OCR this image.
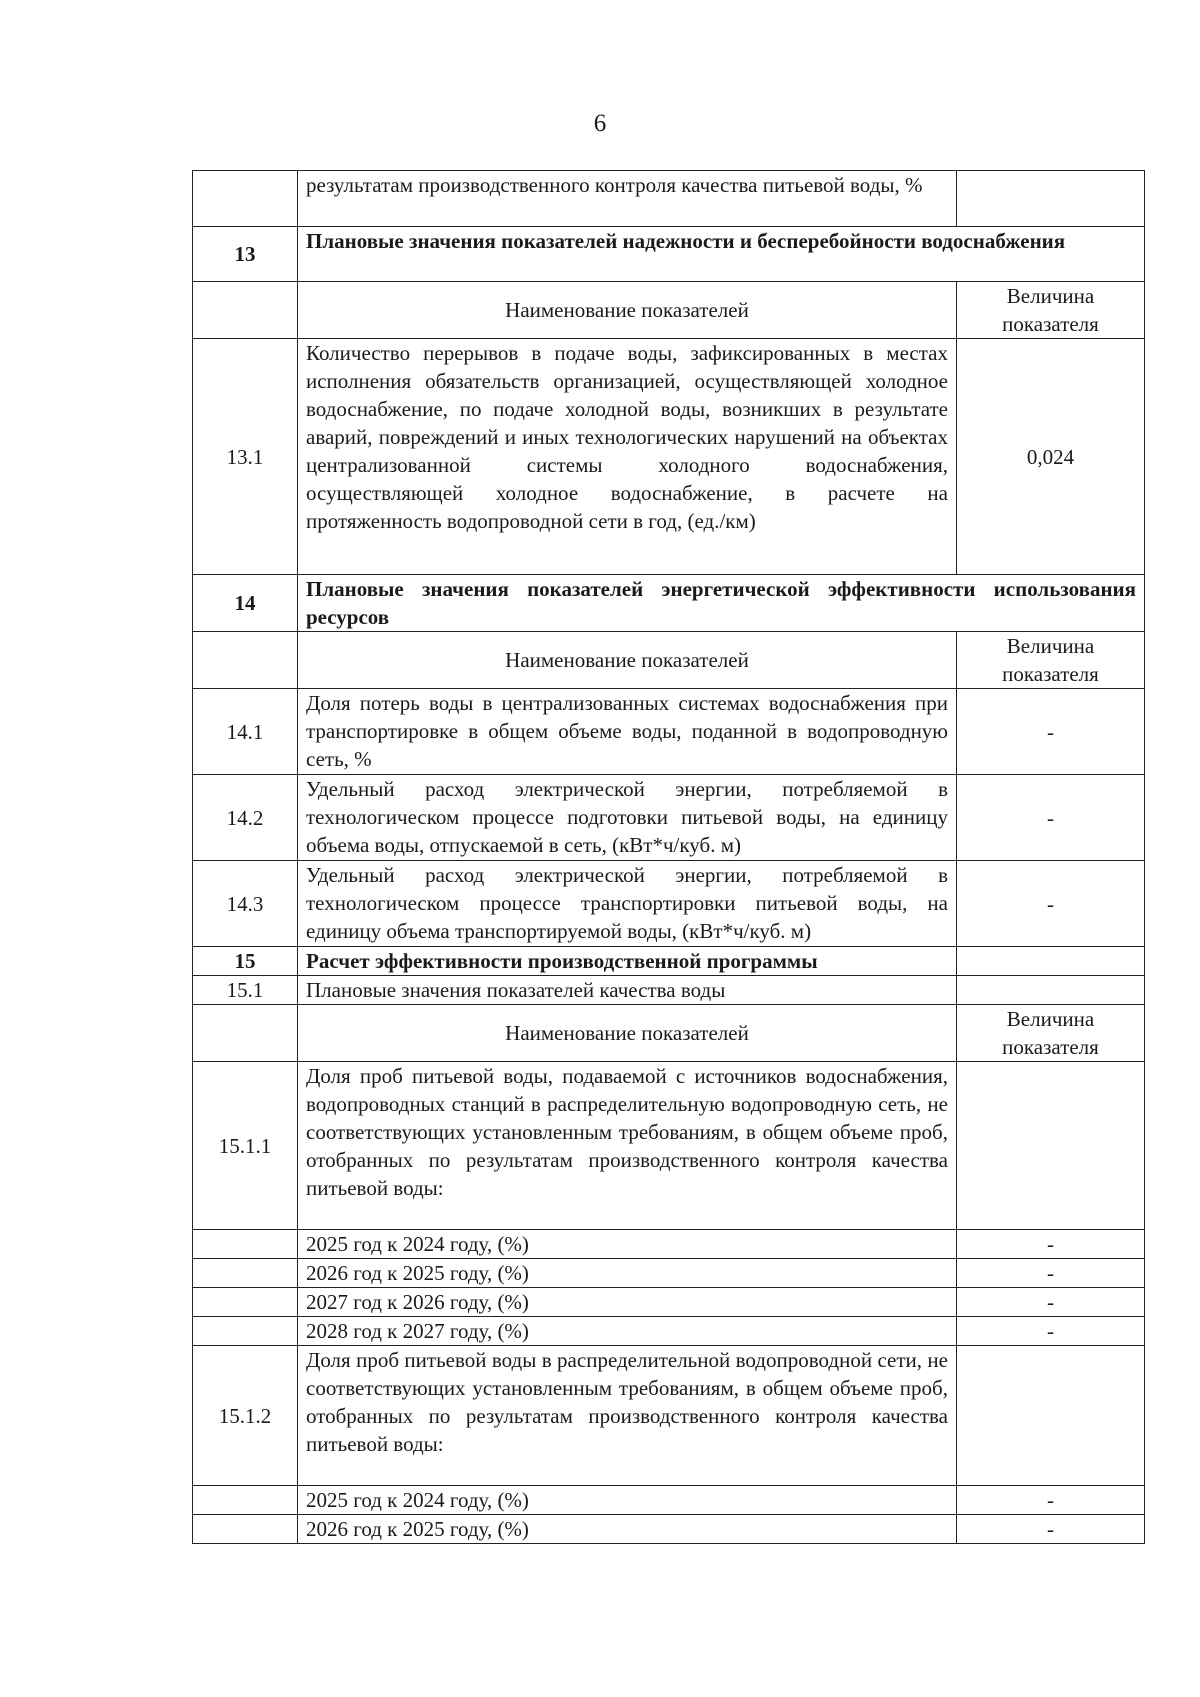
6
	результатам производственного контроля качества питьевой воды, %	
13	Плановые значения показателей надежности и бесперебойности водоснабжения	
	Наименование показателей	Величина показателя
13.1	Количество перерывов в подаче воды, зафиксированных в местах исполнения обязательств организацией, осуществляющей холодное водоснабжение, по подаче холодной воды, возникших в результате аварий, повреждений и иных технологических нарушений на объектах централизованной системы холодного водоснабжения, осуществляющей холодное водоснабжение, в расчете на протяженность водопроводной сети в год, (ед./км)	0,024
14	Плановые значения показателей энергетической эффективности использования ресурсов	
	Наименование показателей	Величина показателя
14.1	Доля потерь воды в централизованных системах водоснабжения при транспортировке в общем объеме воды, поданной в водопроводную сеть, %	-
14.2	Удельный расход электрической энергии, потребляемой в технологическом процессе подготовки питьевой воды, на единицу объема воды, отпускаемой в сеть, (кВт*ч/куб. м)	-
14.3	Удельный расход электрической энергии, потребляемой в технологическом процессе транспортировки питьевой воды, на единицу объема транспортируемой воды, (кВт*ч/куб. м)	-
15	Расчет эффективности производственной программы	
15.1	Плановые значения показателей качества воды	
	Наименование показателей	Величина показателя
15.1.1	Доля проб питьевой воды, подаваемой с источников водоснабжения, водопроводных станций в распределительную водопроводную сеть, не соответствующих установленным требованиям, в общем объеме проб, отобранных по результатам производственного контроля качества питьевой воды:	
	2025 год к 2024 году, (%)	-
	2026 год к 2025 году, (%)	-
	2027 год к 2026 году, (%)	-
	2028 год к 2027 году, (%)	-
15.1.2	Доля проб питьевой воды в распределительной водопроводной сети, не соответствующих установленным требованиям, в общем объеме проб, отобранных по результатам производственного контроля качества питьевой воды:	
	2025 год к 2024 году, (%)	-
	2026 год к 2025 году, (%)	-
